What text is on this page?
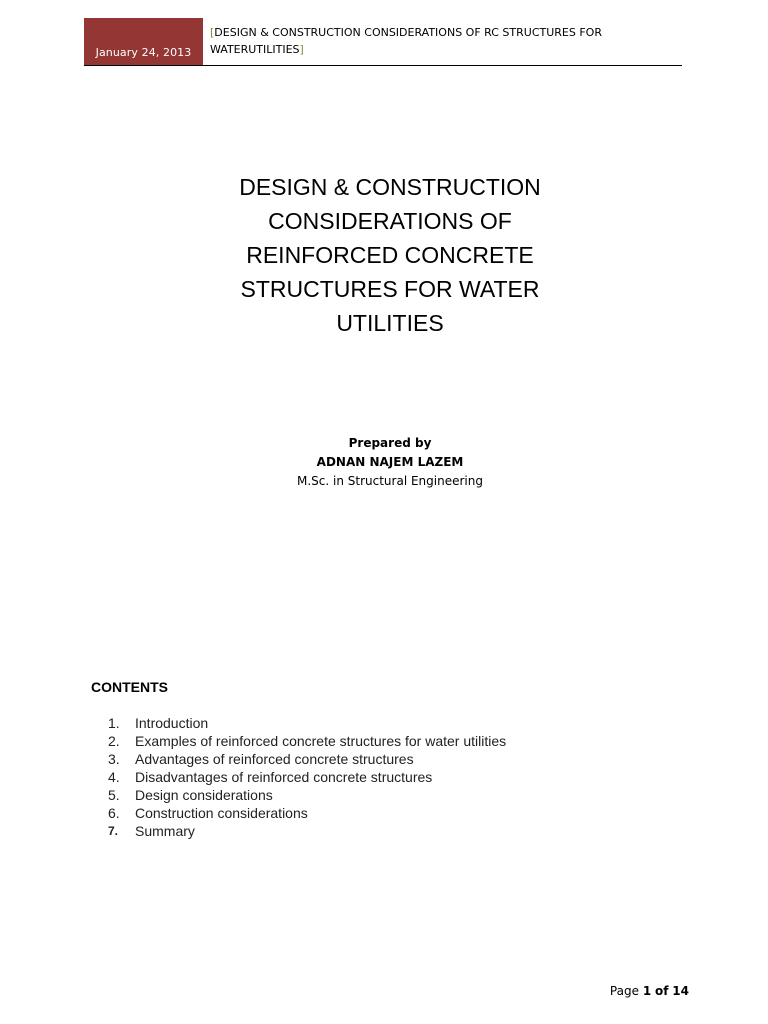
January 24, 2013
[DESIGN & CONSTRUCTION CONSIDERATIONS OF RC STRUCTURES FOR
WATERUTILITIES]
DESIGN & CONSTRUCTION
CONSIDERATIONS OF
REINFORCED CONCRETE
STRUCTURES FOR WATER
UTILITIES
Prepared by
ADNAN NAJEM LAZEM
M.Sc. in Structural Engineering
CONTENTS
1.	Introduction
2.	Examples of reinforced concrete structures for water utilities
3.	Advantages of reinforced concrete structures
4.	Disadvantages of reinforced concrete structures
5.	Design considerations
6.	Construction considerations
7.	Summary
Page 1 of 14
